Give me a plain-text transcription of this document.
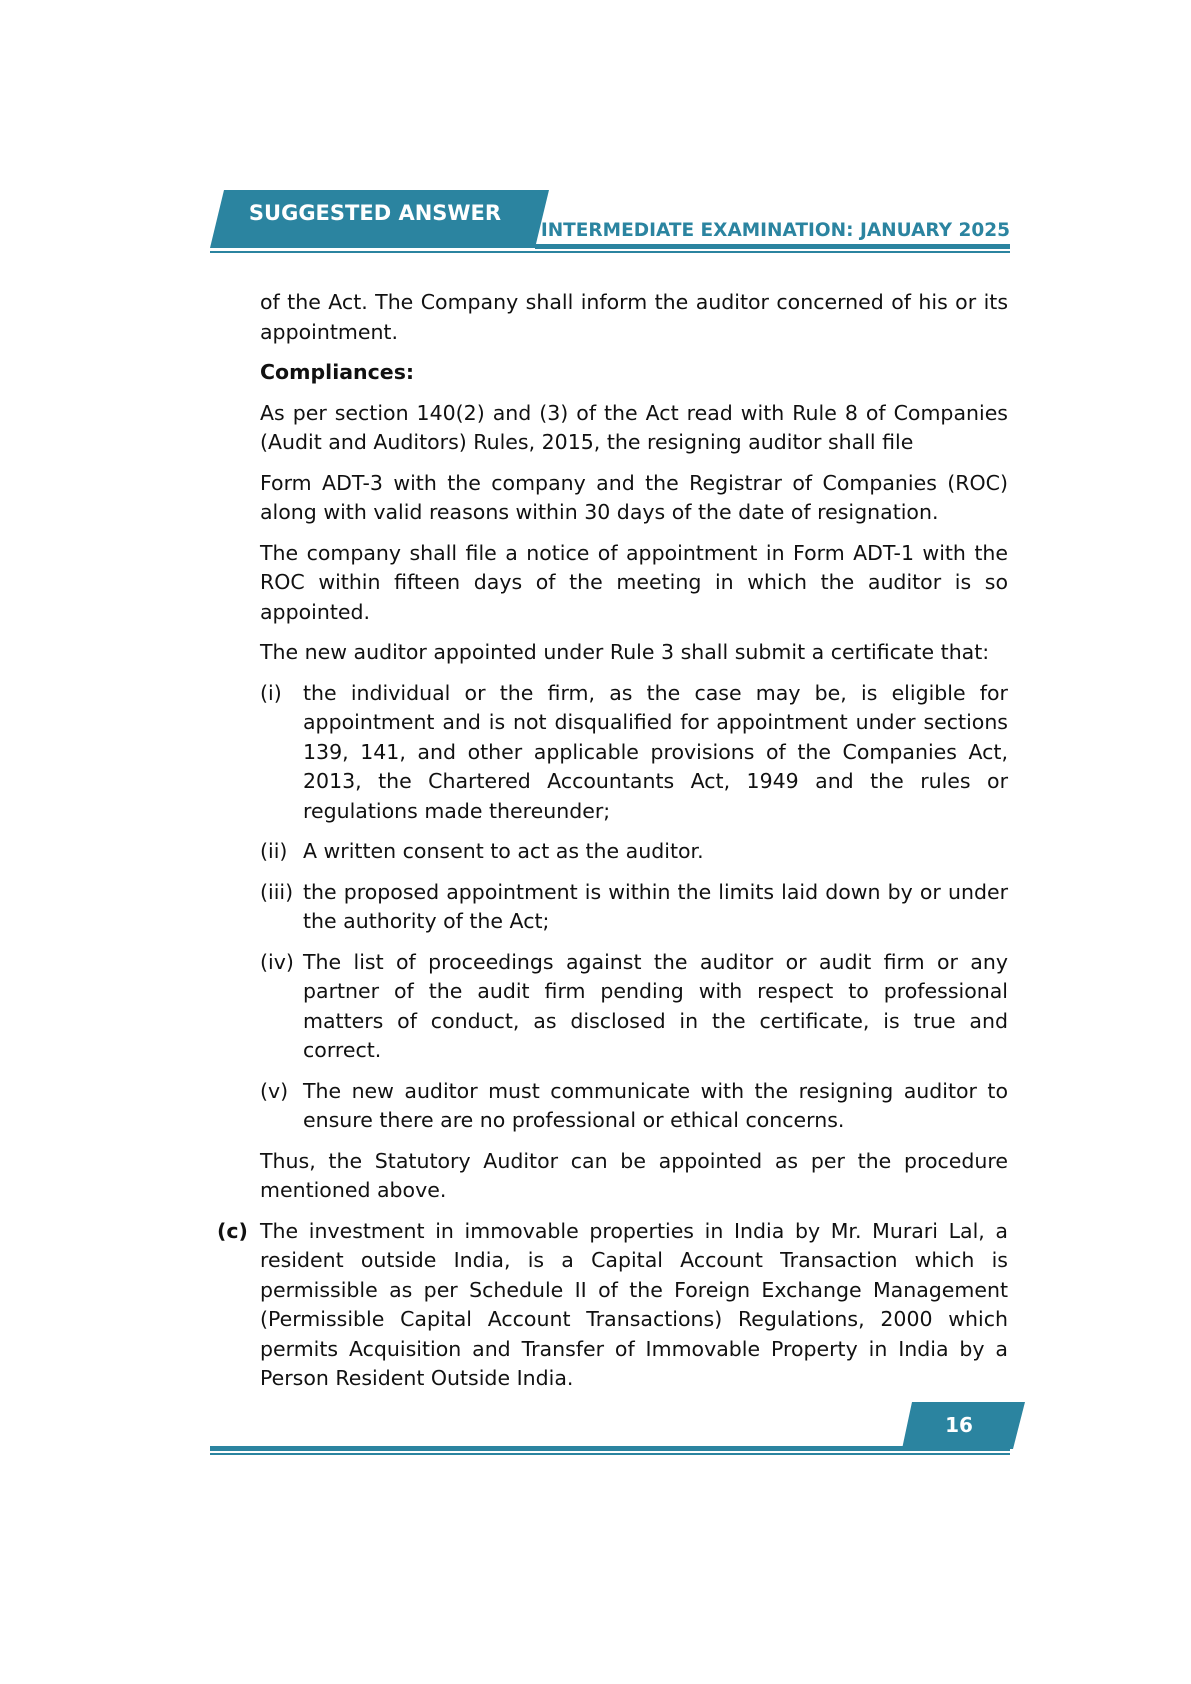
SUGGESTED ANSWER
INTERMEDIATE EXAMINATION: JANUARY 2025

of the Act. The Company shall inform the auditor concerned of his or its appointment.

Compliances:

As per section 140(2) and (3) of the Act read with Rule 8 of Companies (Audit and Auditors) Rules, 2015, the resigning auditor shall file

Form ADT-3 with the company and the Registrar of Companies (ROC) along with valid reasons within 30 days of the date of resignation.

The company shall file a notice of appointment in Form ADT-1 with the ROC within fifteen days of the meeting in which the auditor is so appointed.

The new auditor appointed under Rule 3 shall submit a certificate that:

(i) the individual or the firm, as the case may be, is eligible for appointment and is not disqualified for appointment under sections 139, 141, and other applicable provisions of the Companies Act, 2013, the Chartered Accountants Act, 1949 and the rules or regulations made thereunder;
(ii) A written consent to act as the auditor.
(iii) the proposed appointment is within the limits laid down by or under the authority of the Act;
(iv) The list of proceedings against the auditor or audit firm or any partner of the audit firm pending with respect to professional matters of conduct, as disclosed in the certificate, is true and correct.
(v) The new auditor must communicate with the resigning auditor to ensure there are no professional or ethical concerns.

Thus, the Statutory Auditor can be appointed as per the procedure mentioned above.

(c) The investment in immovable properties in India by Mr. Murari Lal, a resident outside India, is a Capital Account Transaction which is permissible as per Schedule II of the Foreign Exchange Management (Permissible Capital Account Transactions) Regulations, 2000 which permits Acquisition and Transfer of Immovable Property in India by a Person Resident Outside India.
16
